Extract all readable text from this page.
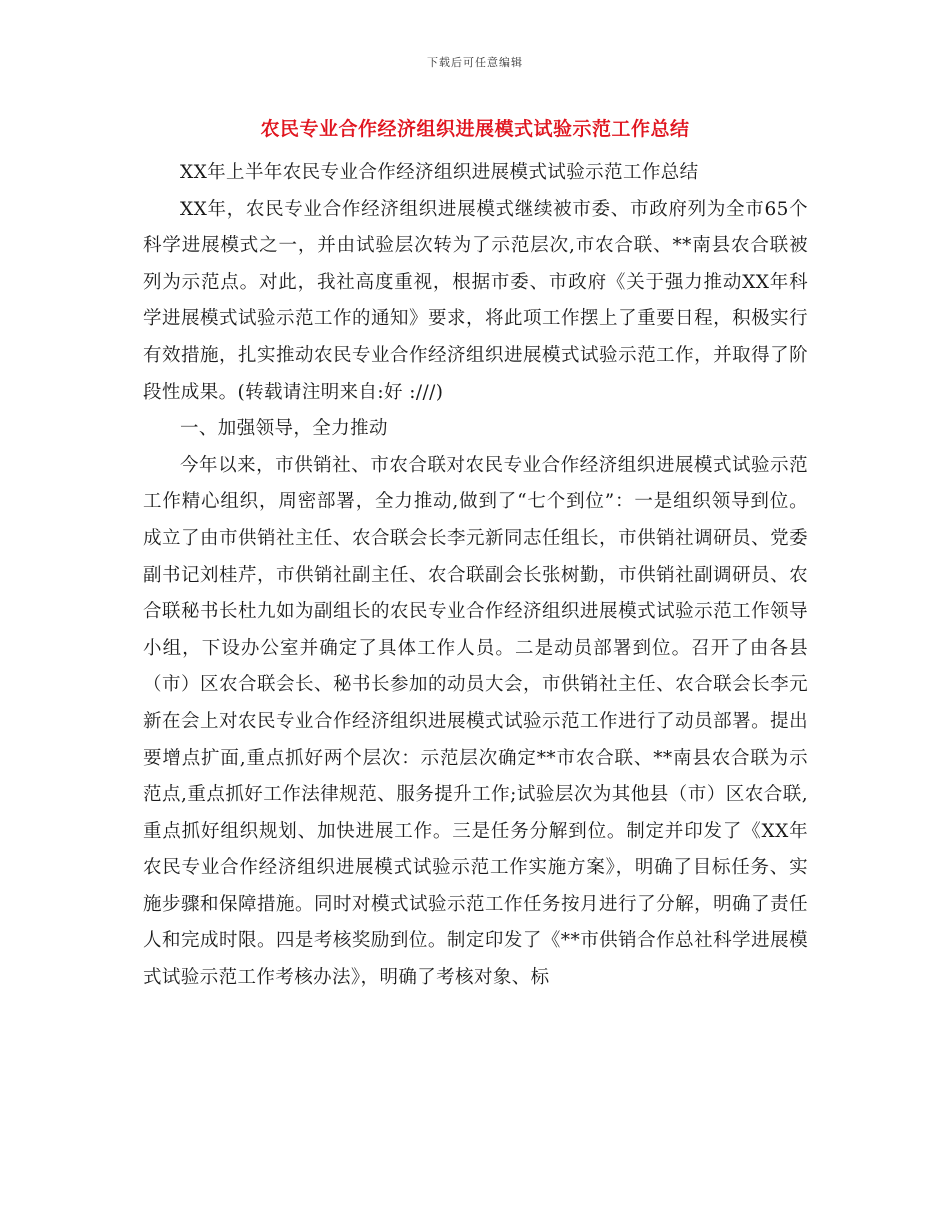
下载后可任意编辑
农民专业合作经济组织进展模式试验示范工作总结

XX年上半年农民专业合作经济组织进展模式试验示范工作总结

XX年，农民专业合作经济组织进展模式继续被市委、市政府列为全市65个科学进展模式之一，并由试验层次转为了示范层次,市农合联、**南县农合联被列为示范点。对此，我社高度重视，根据市委、市政府《关于强力推动XX年科学进展模式试验示范工作的通知》要求，将此项工作摆上了重要日程，积极实行有效措施，扎实推动农民专业合作经济组织进展模式试验示范工作，并取得了阶段性成果。(转载请注明来自:好 :///)

一、加强领导，全力推动

今年以来，市供销社、市农合联对农民专业合作经济组织进展模式试验示范工作精心组织，周密部署，全力推动,做到了“七个到位”：一是组织领导到位。成立了由市供销社主任、农合联会长李元新同志任组长，市供销社调研员、党委副书记刘桂芹，市供销社副主任、农合联副会长张树勤，市供销社副调研员、农合联秘书长杜九如为副组长的农民专业合作经济组织进展模式试验示范工作领导小组，下设办公室并确定了具体工作人员。二是动员部署到位。召开了由各县（市）区农合联会长、秘书长参加的动员大会，市供销社主任、农合联会长李元新在会上对农民专业合作经济组织进展模式试验示范工作进行了动员部署。提出要增点扩面,重点抓好两个层次：示范层次确定**市农合联、**南县农合联为示范点,重点抓好工作法律规范、服务提升工作;试验层次为其他县（市）区农合联,重点抓好组织规划、加快进展工作。三是任务分解到位。制定并印发了《XX年农民专业合作经济组织进展模式试验示范工作实施方案》，明确了目标任务、实施步骤和保障措施。同时对模式试验示范工作任务按月进行了分解，明确了责任人和完成时限。四是考核奖励到位。制定印发了《**市供销合作总社科学进展模式试验示范工作考核办法》，明确了考核对象、标
